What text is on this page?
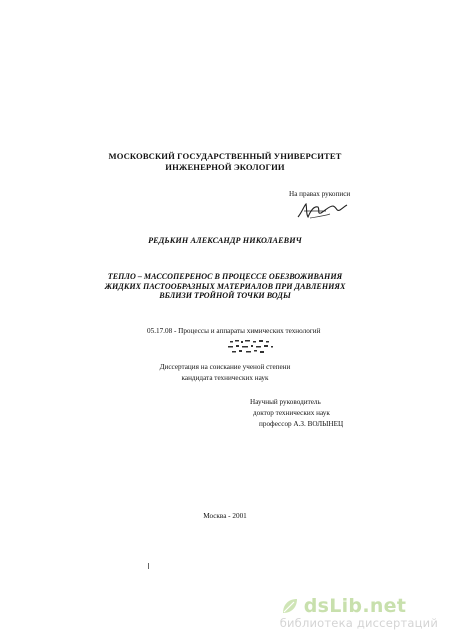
МОСКОВСКИЙ ГОСУДАРСТВЕННЫЙ УНИВЕРСИТЕТ
ИНЖЕНЕРНОЙ ЭКОЛОГИИ
На правах рукописи
РЕДЬКИН АЛЕКСАНДР НИКОЛАЕВИЧ
ТЕПЛО – МАССОПЕРЕНОС В ПРОЦЕССЕ ОБЕЗВОЖИВАНИЯ
ЖИДКИХ ПАСТООБРАЗНЫХ МАТЕРИАЛОВ ПРИ ДАВЛЕНИЯХ
ВБЛИЗИ ТРОЙНОЙ ТОЧКИ ВОДЫ
05.17.08 - Процессы и аппараты химических технологий
Диссертация на соискание ученой степени
кандидата технических наук
Научный руководитель
доктор технических наук
профессор А.З. ВОЛЫНЕЦ
Москва - 2001
dsLib.net
библиотека диссертаций
